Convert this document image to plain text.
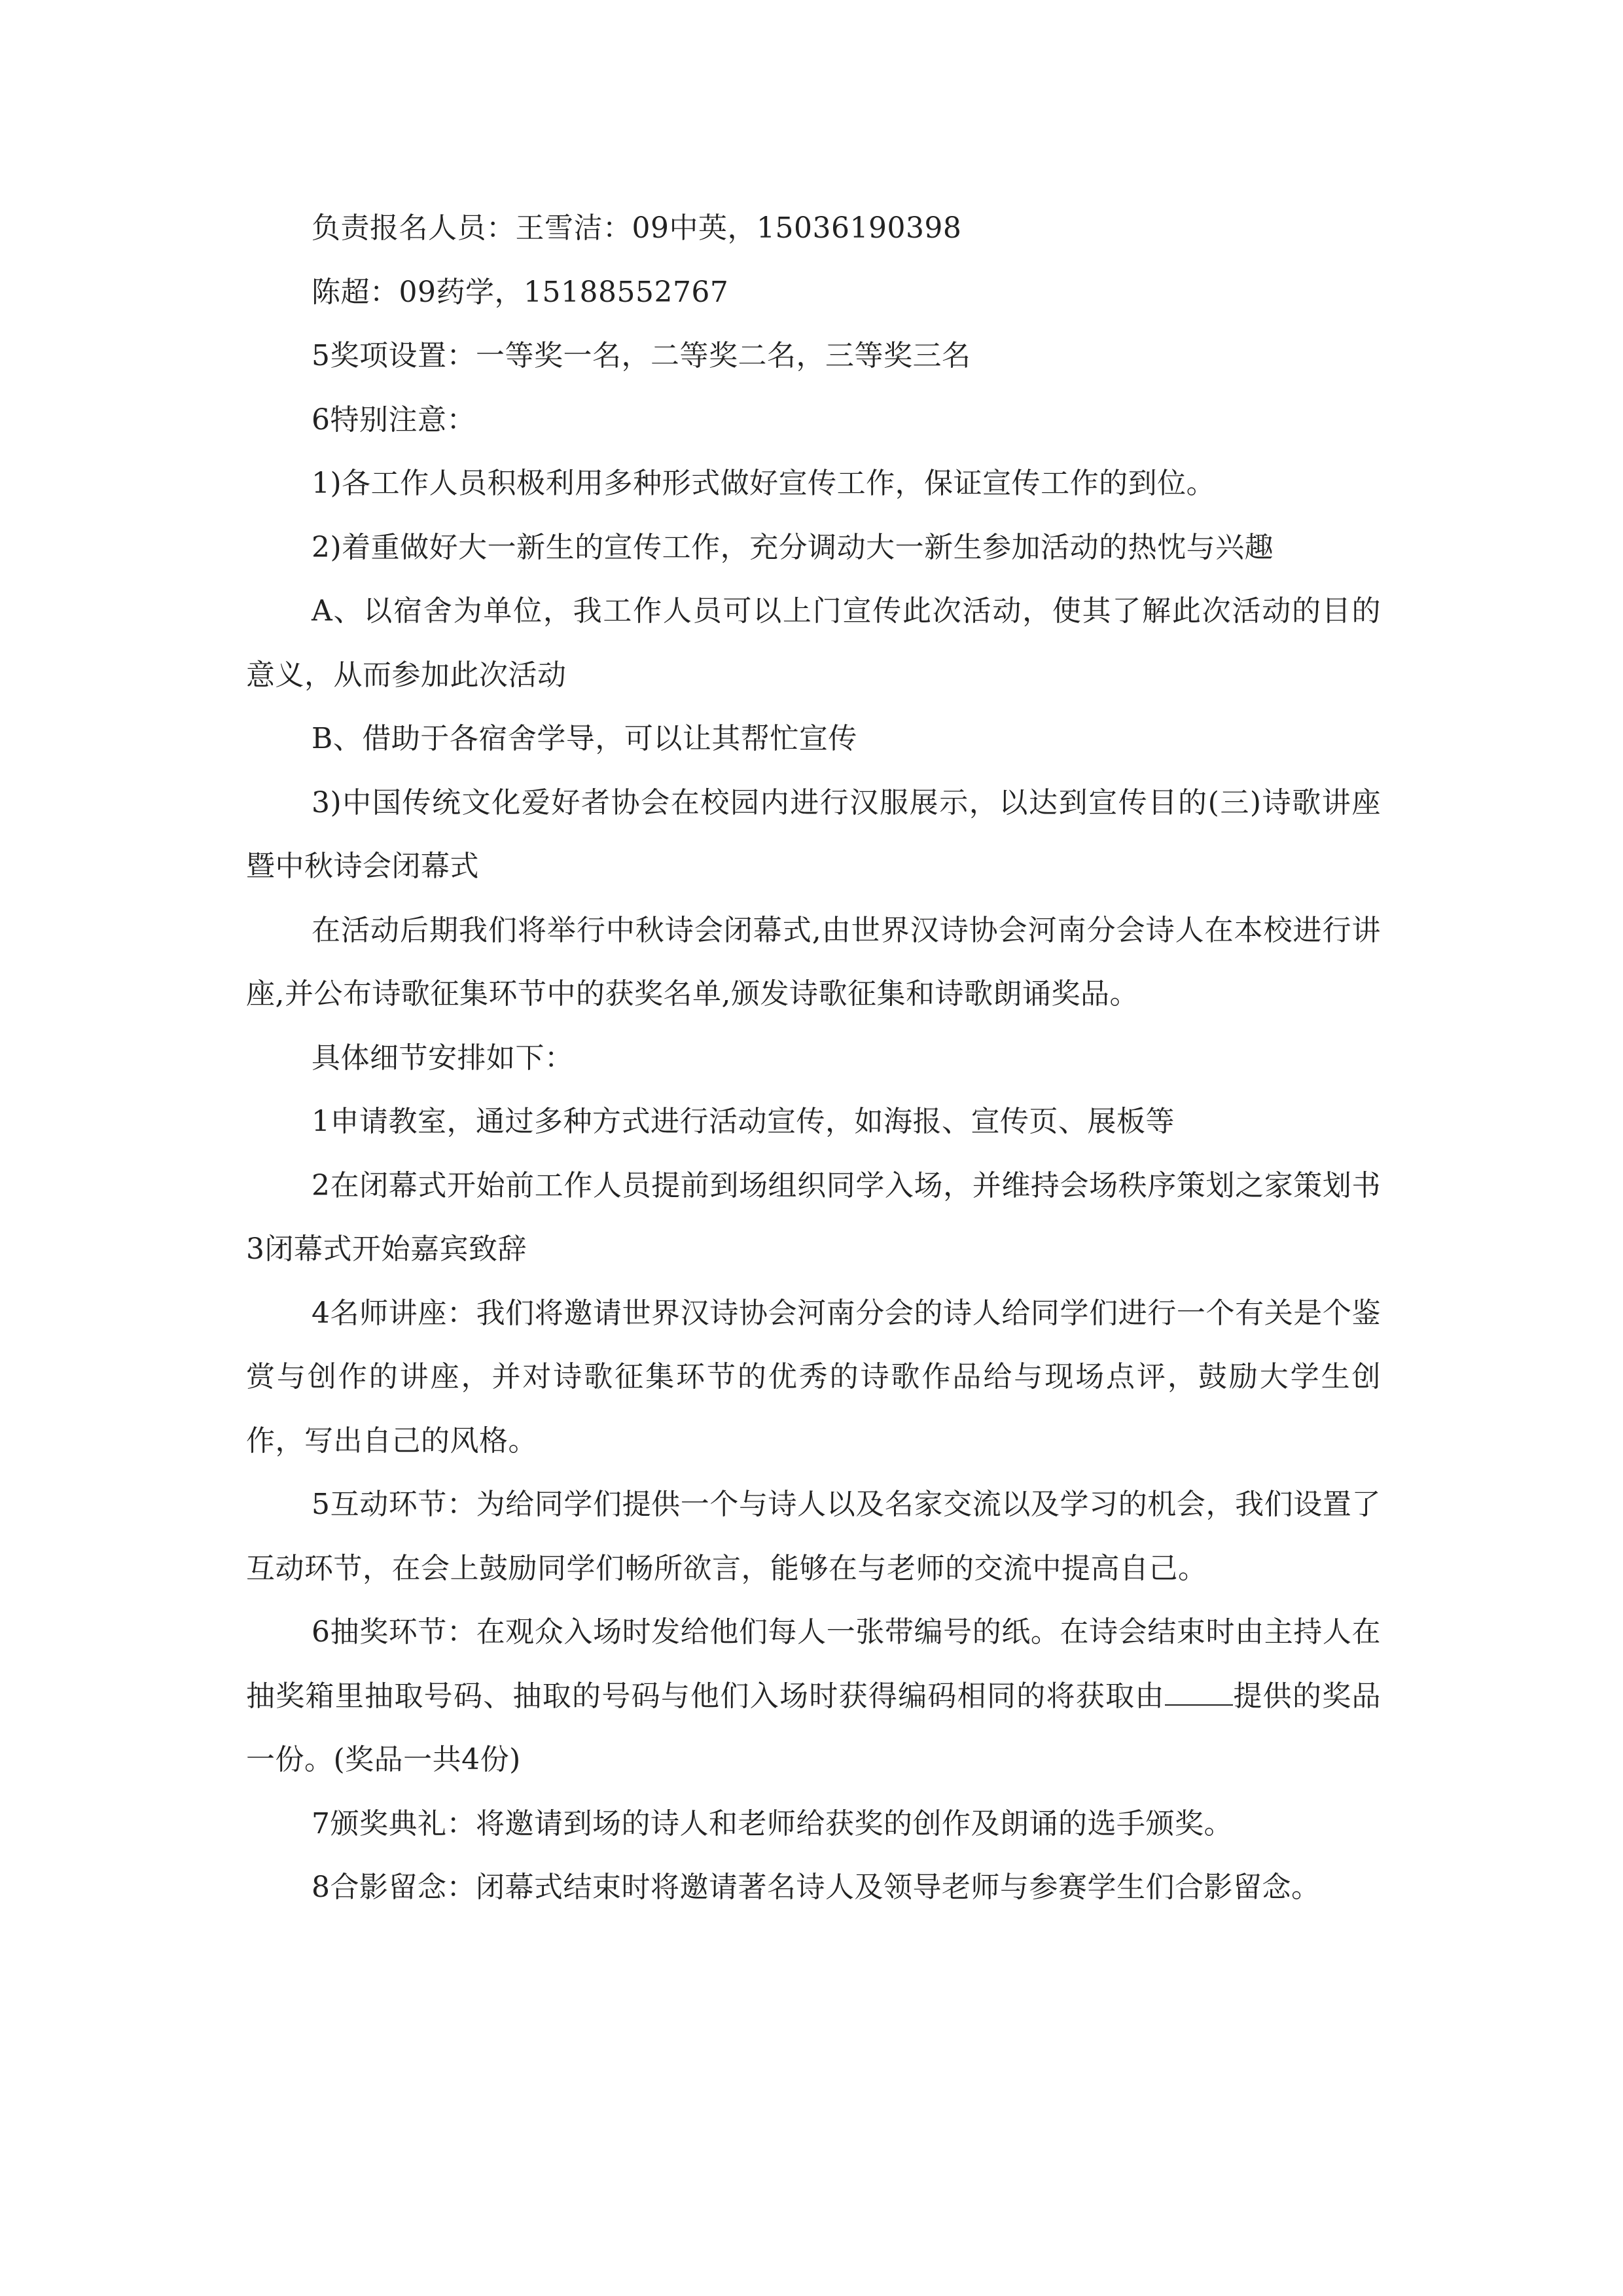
负责报名人员：王雪洁：09中英，15036190398

陈超：09药学，15188552767

5奖项设置：一等奖一名，二等奖二名，三等奖三名

6特别注意：

1)各工作人员积极利用多种形式做好宣传工作，保证宣传工作的到位。

2)着重做好大一新生的宣传工作，充分调动大一新生参加活动的热忱与兴趣

A、以宿舍为单位，我工作人员可以上门宣传此次活动，使其了解此次活动的目的意义，从而参加此次活动

B、借助于各宿舍学导，可以让其帮忙宣传

3)中国传统文化爱好者协会在校园内进行汉服展示，以达到宣传目的(三)诗歌讲座暨中秋诗会闭幕式

在活动后期我们将举行中秋诗会闭幕式,由世界汉诗协会河南分会诗人在本校进行讲座,并公布诗歌征集环节中的获奖名单,颁发诗歌征集和诗歌朗诵奖品。

具体细节安排如下：

1申请教室，通过多种方式进行活动宣传，如海报、宣传页、展板等

2在闭幕式开始前工作人员提前到场组织同学入场，并维持会场秩序策划之家策划书3闭幕式开始嘉宾致辞

4名师讲座：我们将邀请世界汉诗协会河南分会的诗人给同学们进行一个有关是个鉴赏与创作的讲座，并对诗歌征集环节的优秀的诗歌作品给与现场点评，鼓励大学生创作，写出自己的风格。

5互动环节：为给同学们提供一个与诗人以及名家交流以及学习的机会，我们设置了互动环节，在会上鼓励同学们畅所欲言，能够在与老师的交流中提高自己。

6抽奖环节：在观众入场时发给他们每人一张带编号的纸。在诗会结束时由主持人在抽奖箱里抽取号码、抽取的号码与他们入场时获得编码相同的将获取由 提供的奖品一份。(奖品一共4份)

7颁奖典礼：将邀请到场的诗人和老师给获奖的创作及朗诵的选手颁奖。

8合影留念：闭幕式结束时将邀请著名诗人及领导老师与参赛学生们合影留念。
